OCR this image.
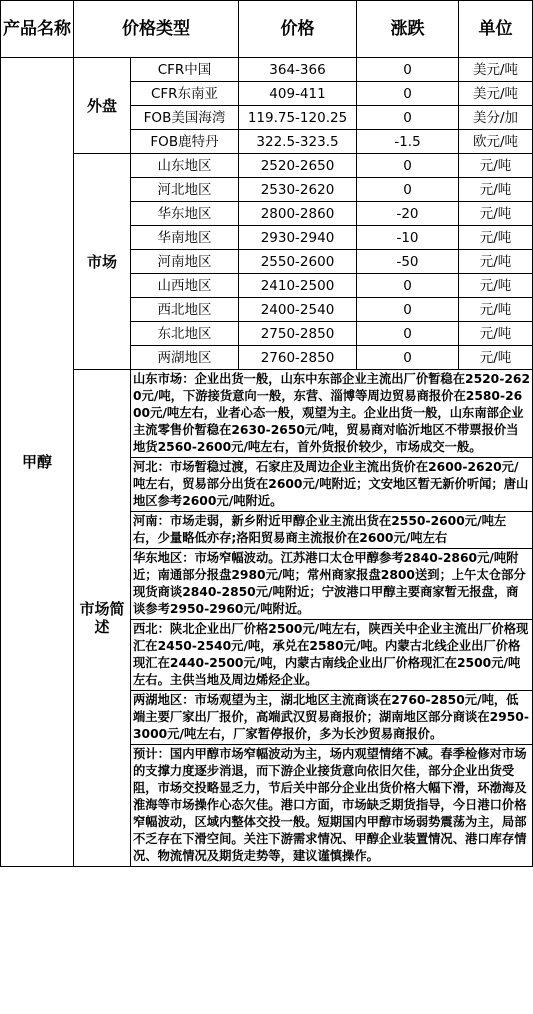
产品名称	价格类型		价格	涨跌	单位
甲醇	外盘	CFR中国	364-366	0	美元/吨
		CFR东南亚	409-411	0	美元/吨
		FOB美国海湾	119.75-120.25	0	美分/加
		FOB鹿特丹	322.5-323.5	-1.5	欧元/吨
	市场	山东地区	2520-2650	0	元/吨
		河北地区	2530-2620	0	元/吨
		华东地区	2800-2860	-20	元/吨
		华南地区	2930-2940	-10	元/吨
		河南地区	2550-2600	-50	元/吨
		山西地区	2410-2500	0	元/吨
		西北地区	2400-2540	0	元/吨
		东北地区	2750-2850	0	元/吨
		两湖地区	2760-2850	0	元/吨
	市场简述	山东市场：企业出货一般，山东中东部企业主流出厂价暂稳在2520-2620元/吨，下游接货意向一般，东营、淄博等周边贸易商报价在2580-2600元/吨左右，业者心态一般，观望为主。企业出货一般，山东南部企业主流零售价暂稳在2630-2650元/吨，贸易商对临沂地区不带票报价当地货2560-2600元/吨左右，首外货报价较少，市场成交一般。			
		河北：市场暂稳过渡，石家庄及周边企业主流出货价在2600-2620元/吨左右，贸易部分出货在2600元/吨附近；文安地区暂无新价听闻；唐山地区参考2600元/吨附近。			
		河南：市场走弱，新乡附近甲醇企业主流出货在2550-2600元/吨左右，少量略低亦存;洛阳贸易商主流报价在2600元/吨左右			
		华东地区：市场窄幅波动。江苏港口太仓甲醇参考2840-2860元/吨附近；南通部分报盘2980元/吨；常州商家报盘2800送到；上午太仓部分现货商谈2840-2850元/吨附近；宁波港口甲醇主要商家暂无报盘，商谈参考2950-2960元/吨附近。			
		西北：陕北企业出厂价格2500元/吨左右，陕西关中企业主流出厂价格现汇在2450-2540元/吨，承兑在2580元/吨。内蒙古北线企业出厂价格现汇在2440-2500元/吨，内蒙古南线企业出厂价格现汇在2500元/吨左右。主供当地及周边烯烃企业。			
		两湖地区：市场观望为主，湖北地区主流商谈在2760-2850元/吨，低端主要厂家出厂报价，高端武汉贸易商报价；湖南地区部分商谈在2950-3000元/吨左右，厂家暂停报价，多为长沙贸易商报价。			
		预计：国内甲醇市场窄幅波动为主，场内观望情绪不减。春季检修对市场的支撑力度逐步消退，而下游企业接货意向依旧欠佳，部分企业出货受阻，市场交投略显乏力，节后关中部分企业出货价格大幅下滑，环渤海及淮海等市场操作心态欠佳。港口方面，市场缺乏期货指导，今日港口价格窄幅波动，区域内整体交投一般。短期国内甲醇市场弱势震荡为主，局部不乏存在下滑空间。关注下游需求情况、甲醇企业装置情况、港口库存情况、物流情况及期货走势等，建议谨慎操作。			
